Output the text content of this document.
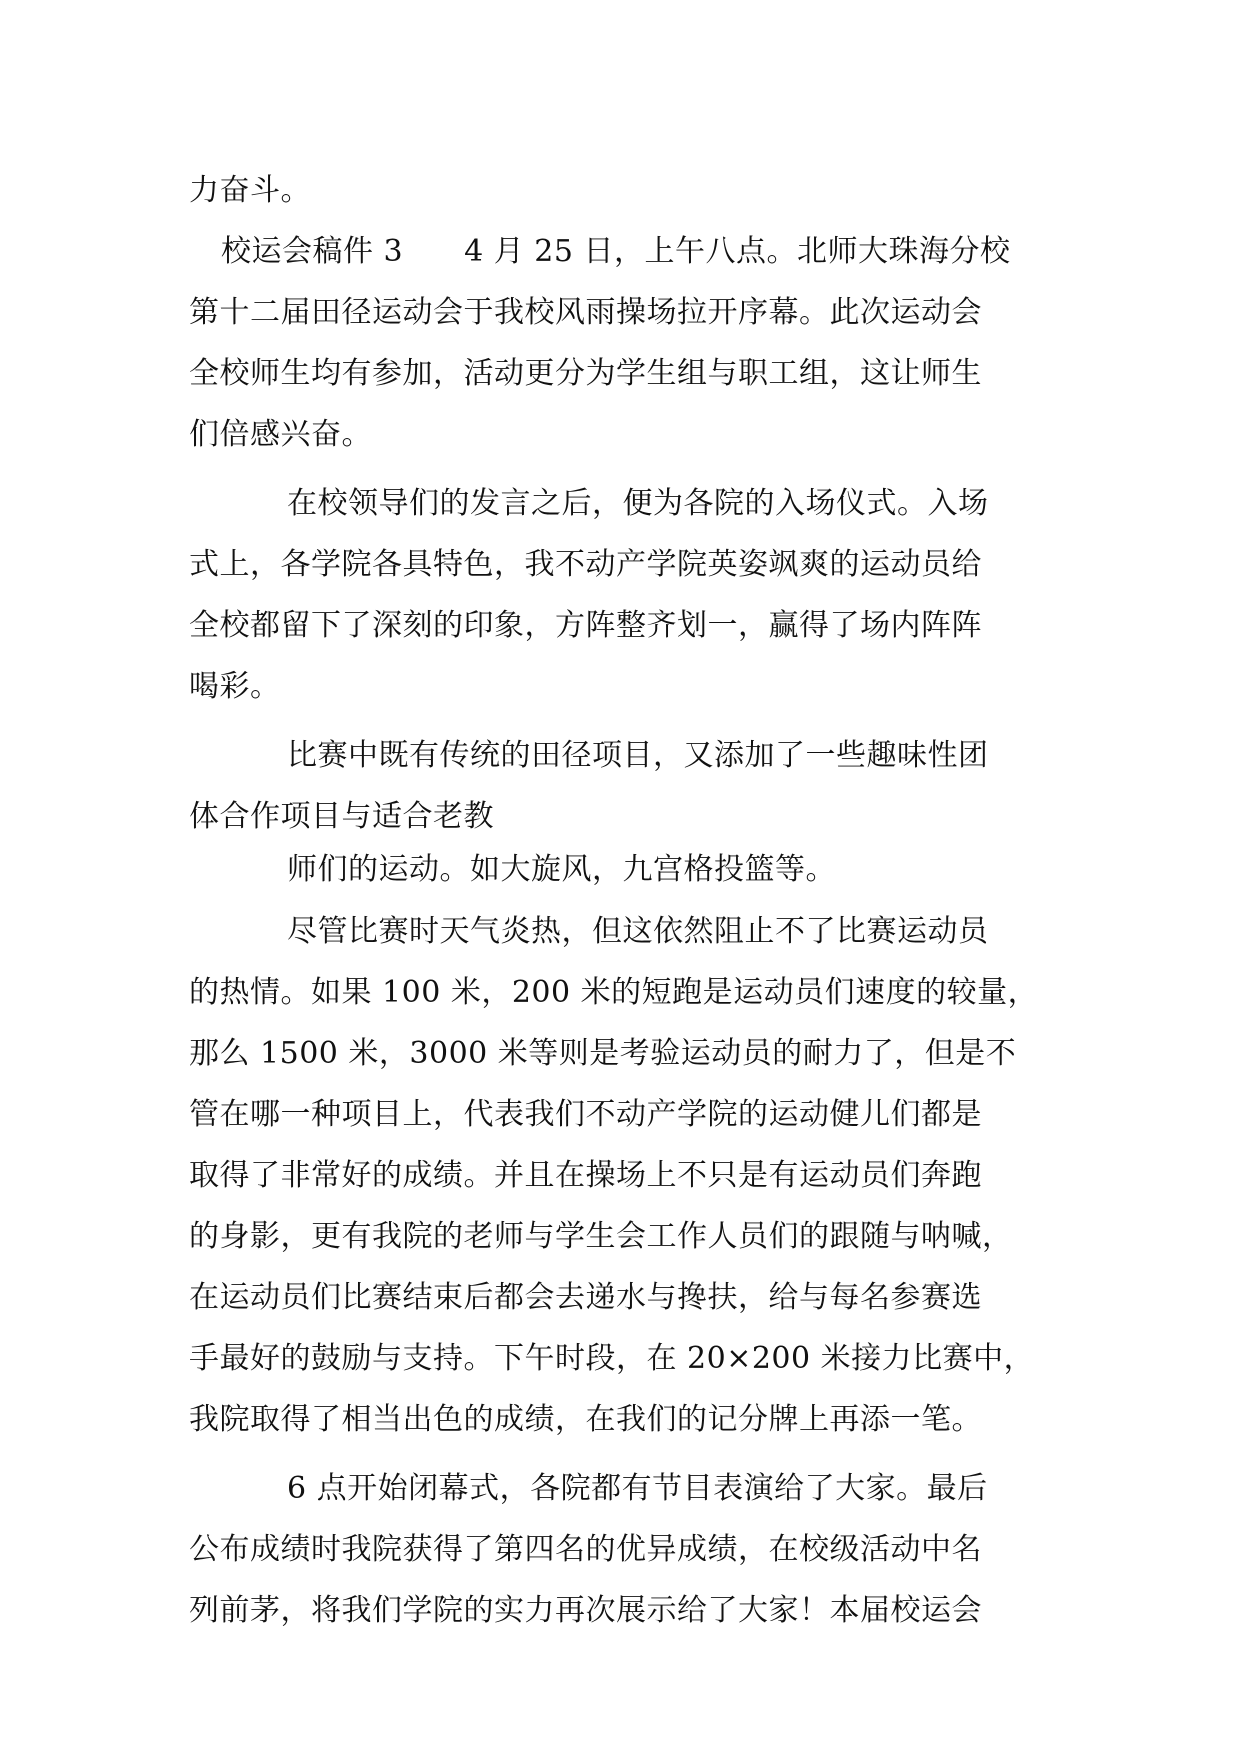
力奋斗。
校运会稿件 3　　4 月 25 日，上午八点。北师大珠海分校
第十二届田径运动会于我校风雨操场拉开序幕。此次运动会
全校师生均有参加，活动更分为学生组与职工组，这让师生
们倍感兴奋。
在校领导们的发言之后，便为各院的入场仪式。入场
式上，各学院各具特色，我不动产学院英姿飒爽的运动员给
全校都留下了深刻的印象，方阵整齐划一，赢得了场内阵阵
喝彩。
比赛中既有传统的田径项目，又添加了一些趣味性团
体合作项目与适合老教
师们的运动。如大旋风，九宫格投篮等。
尽管比赛时天气炎热，但这依然阻止不了比赛运动员
的热情。如果 100 米，200 米的短跑是运动员们速度的较量，
那么 1500 米，3000 米等则是考验运动员的耐力了，但是不
管在哪一种项目上，代表我们不动产学院的运动健儿们都是
取得了非常好的成绩。并且在操场上不只是有运动员们奔跑
的身影，更有我院的老师与学生会工作人员们的跟随与呐喊，
在运动员们比赛结束后都会去递水与搀扶，给与每名参赛选
手最好的鼓励与支持。下午时段，在 20×200 米接力比赛中，
我院取得了相当出色的成绩，在我们的记分牌上再添一笔。
6 点开始闭幕式，各院都有节目表演给了大家。最后
公布成绩时我院获得了第四名的优异成绩，在校级活动中名
列前茅，将我们学院的实力再次展示给了大家！本届校运会
